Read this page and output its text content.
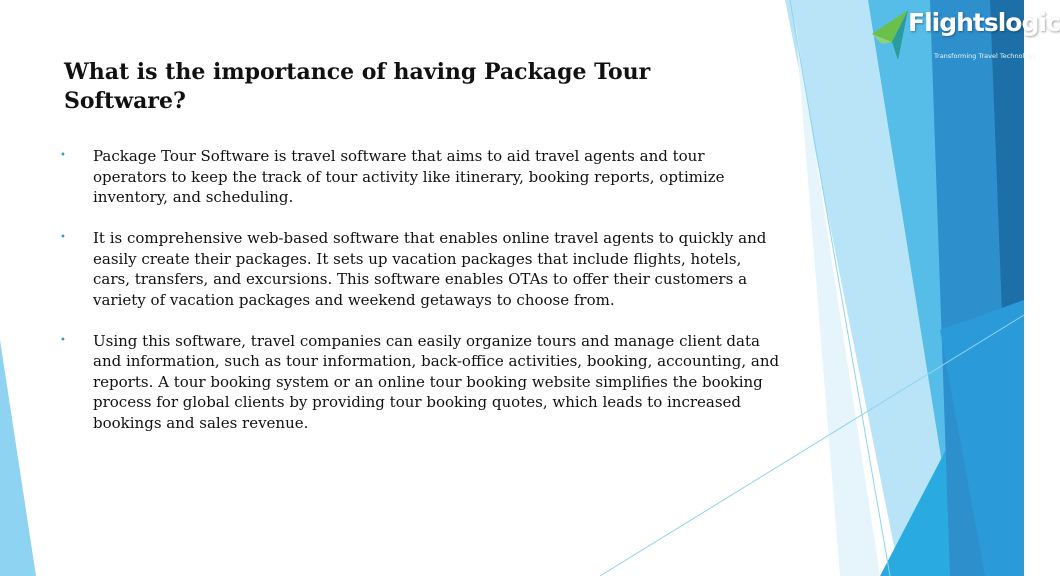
Flightslogic
Transforming Travel Technology
What is the importance of having Package Tour Software?
• Package Tour Software is travel software that aims to aid travel agents and tour operators to keep the track of tour activity like itinerary, booking reports, optimize inventory, and scheduling.
• It is comprehensive web-based software that enables online travel agents to quickly and easily create their packages. It sets up vacation packages that include flights, hotels, cars, transfers, and excursions. This software enables OTAs to offer their customers a variety of vacation packages and weekend getaways to choose from.
• Using this software, travel companies can easily organize tours and manage client data and information, such as tour information, back-office activities, booking, accounting, and reports. A tour booking system or an online tour booking website simplifies the booking process for global clients by providing tour booking quotes, which leads to increased bookings and sales revenue.
